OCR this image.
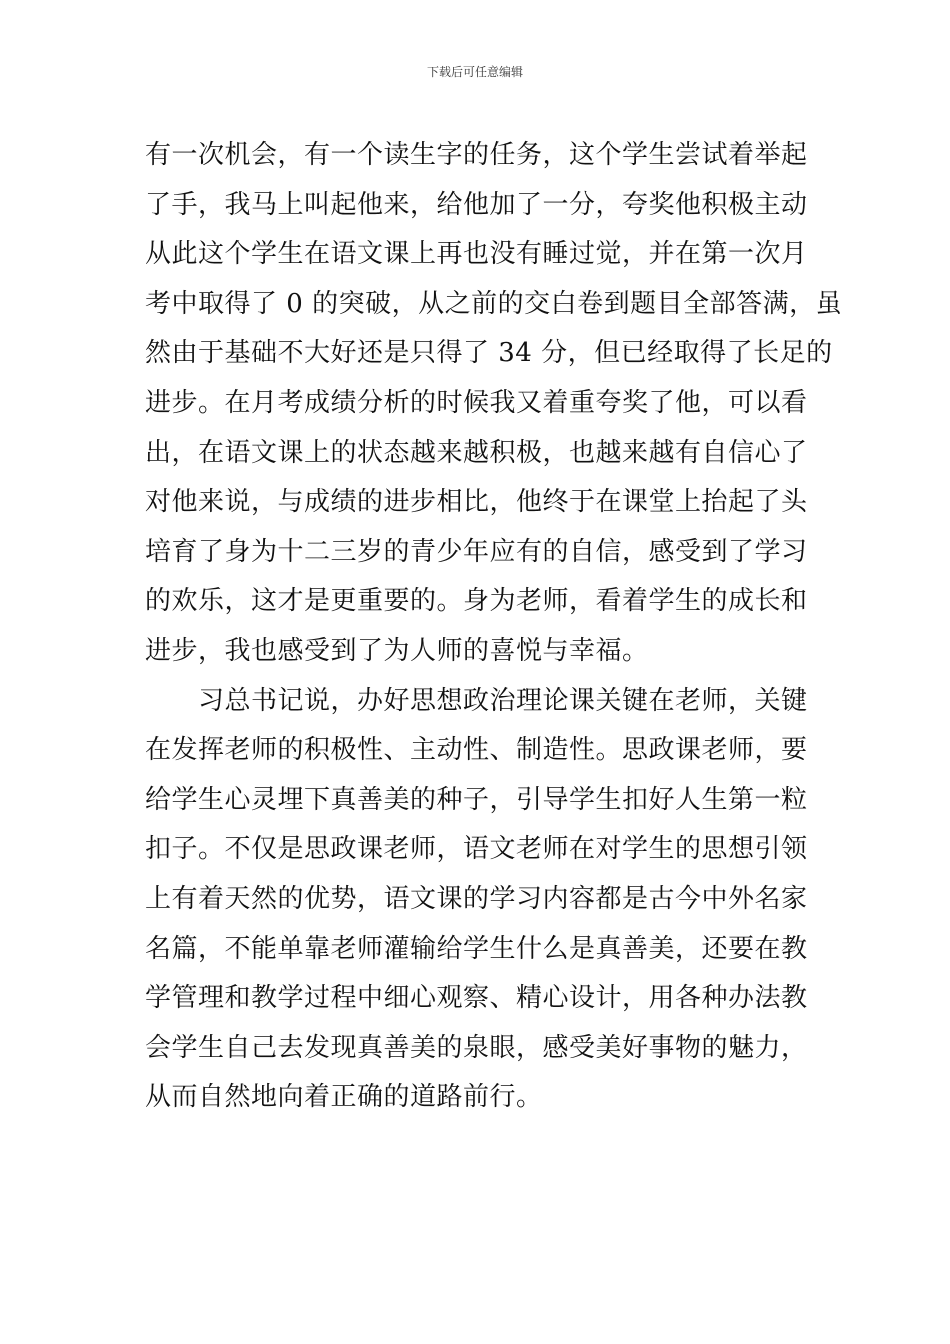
下载后可任意编辑
有一次机会，有一个读生字的任务，这个学生尝试着举起
了手，我马上叫起他来，给他加了一分，夸奖他积极主动
从此这个学生在语文课上再也没有睡过觉，并在第一次月
考中取得了 0 的突破，从之前的交白卷到题目全部答满，虽
然由于基础不大好还是只得了 34 分，但已经取得了长足的
进步。在月考成绩分析的时候我又着重夸奖了他，可以看
出，在语文课上的状态越来越积极，也越来越有自信心了
对他来说，与成绩的进步相比，他终于在课堂上抬起了头
培育了身为十二三岁的青少年应有的自信，感受到了学习
的欢乐，这才是更重要的。身为老师，看着学生的成长和
进步，我也感受到了为人师的喜悦与幸福。
　　习总书记说，办好思想政治理论课关键在老师，关键
在发挥老师的积极性、主动性、制造性。思政课老师，要
给学生心灵埋下真善美的种子，引导学生扣好人生第一粒
扣子。不仅是思政课老师，语文老师在对学生的思想引领
上有着天然的优势，语文课的学习内容都是古今中外名家
名篇，不能单靠老师灌输给学生什么是真善美，还要在教
学管理和教学过程中细心观察、精心设计，用各种办法教
会学生自己去发现真善美的泉眼，感受美好事物的魅力，
从而自然地向着正确的道路前行。
